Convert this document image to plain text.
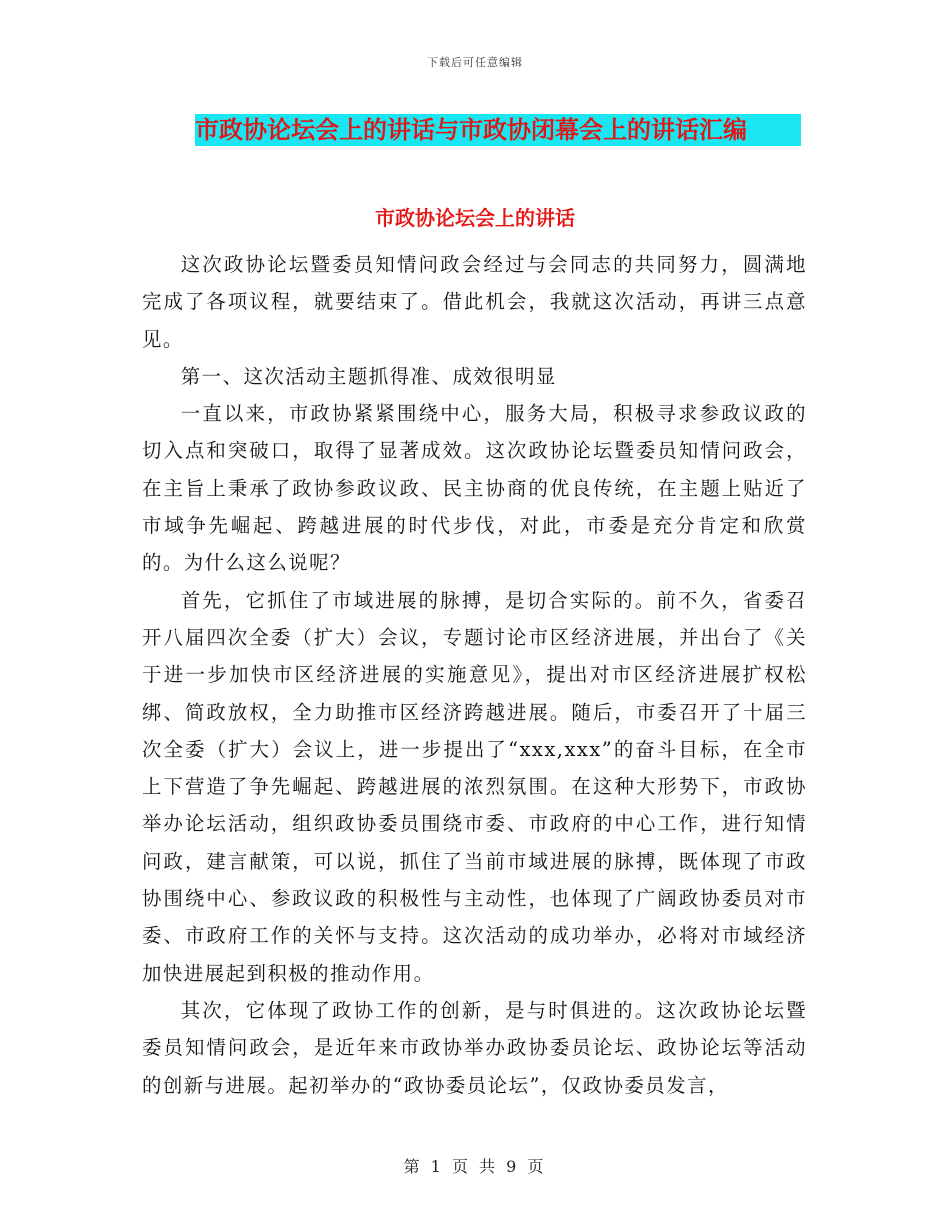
下载后可任意编辑
市政协论坛会上的讲话与市政协闭幕会上的讲话汇编
市政协论坛会上的讲话

这次政协论坛暨委员知情问政会经过与会同志的共同努力，圆满地完成了各项议程，就要结束了。借此机会，我就这次活动，再讲三点意见。

第一、这次活动主题抓得准、成效很明显

一直以来，市政协紧紧围绕中心，服务大局，积极寻求参政议政的切入点和突破口，取得了显著成效。这次政协论坛暨委员知情问政会，在主旨上秉承了政协参政议政、民主协商的优良传统，在主题上贴近了市域争先崛起、跨越进展的时代步伐，对此，市委是充分肯定和欣赏的。为什么这么说呢？

首先，它抓住了市域进展的脉搏，是切合实际的。前不久，省委召开八届四次全委（扩大）会议，专题讨论市区经济进展，并出台了《关于进一步加快市区经济进展的实施意见》，提出对市区经济进展扩权松绑、简政放权，全力助推市区经济跨越进展。随后，市委召开了十届三次全委（扩大）会议上，进一步提出了“xxx,xxx”的奋斗目标，在全市上下营造了争先崛起、跨越进展的浓烈氛围。在这种大形势下，市政协举办论坛活动，组织政协委员围绕市委、市政府的中心工作，进行知情问政，建言献策，可以说，抓住了当前市域进展的脉搏，既体现了市政协围绕中心、参政议政的积极性与主动性，也体现了广阔政协委员对市委、市政府工作的关怀与支持。这次活动的成功举办，必将对市域经济加快进展起到积极的推动作用。

其次，它体现了政协工作的创新，是与时俱进的。这次政协论坛暨委员知情问政会，是近年来市政协举办政协委员论坛、政协论坛等活动的创新与进展。起初举办的“政协委员论坛”，仅政协委员发言，

第 1 页 共 9 页
